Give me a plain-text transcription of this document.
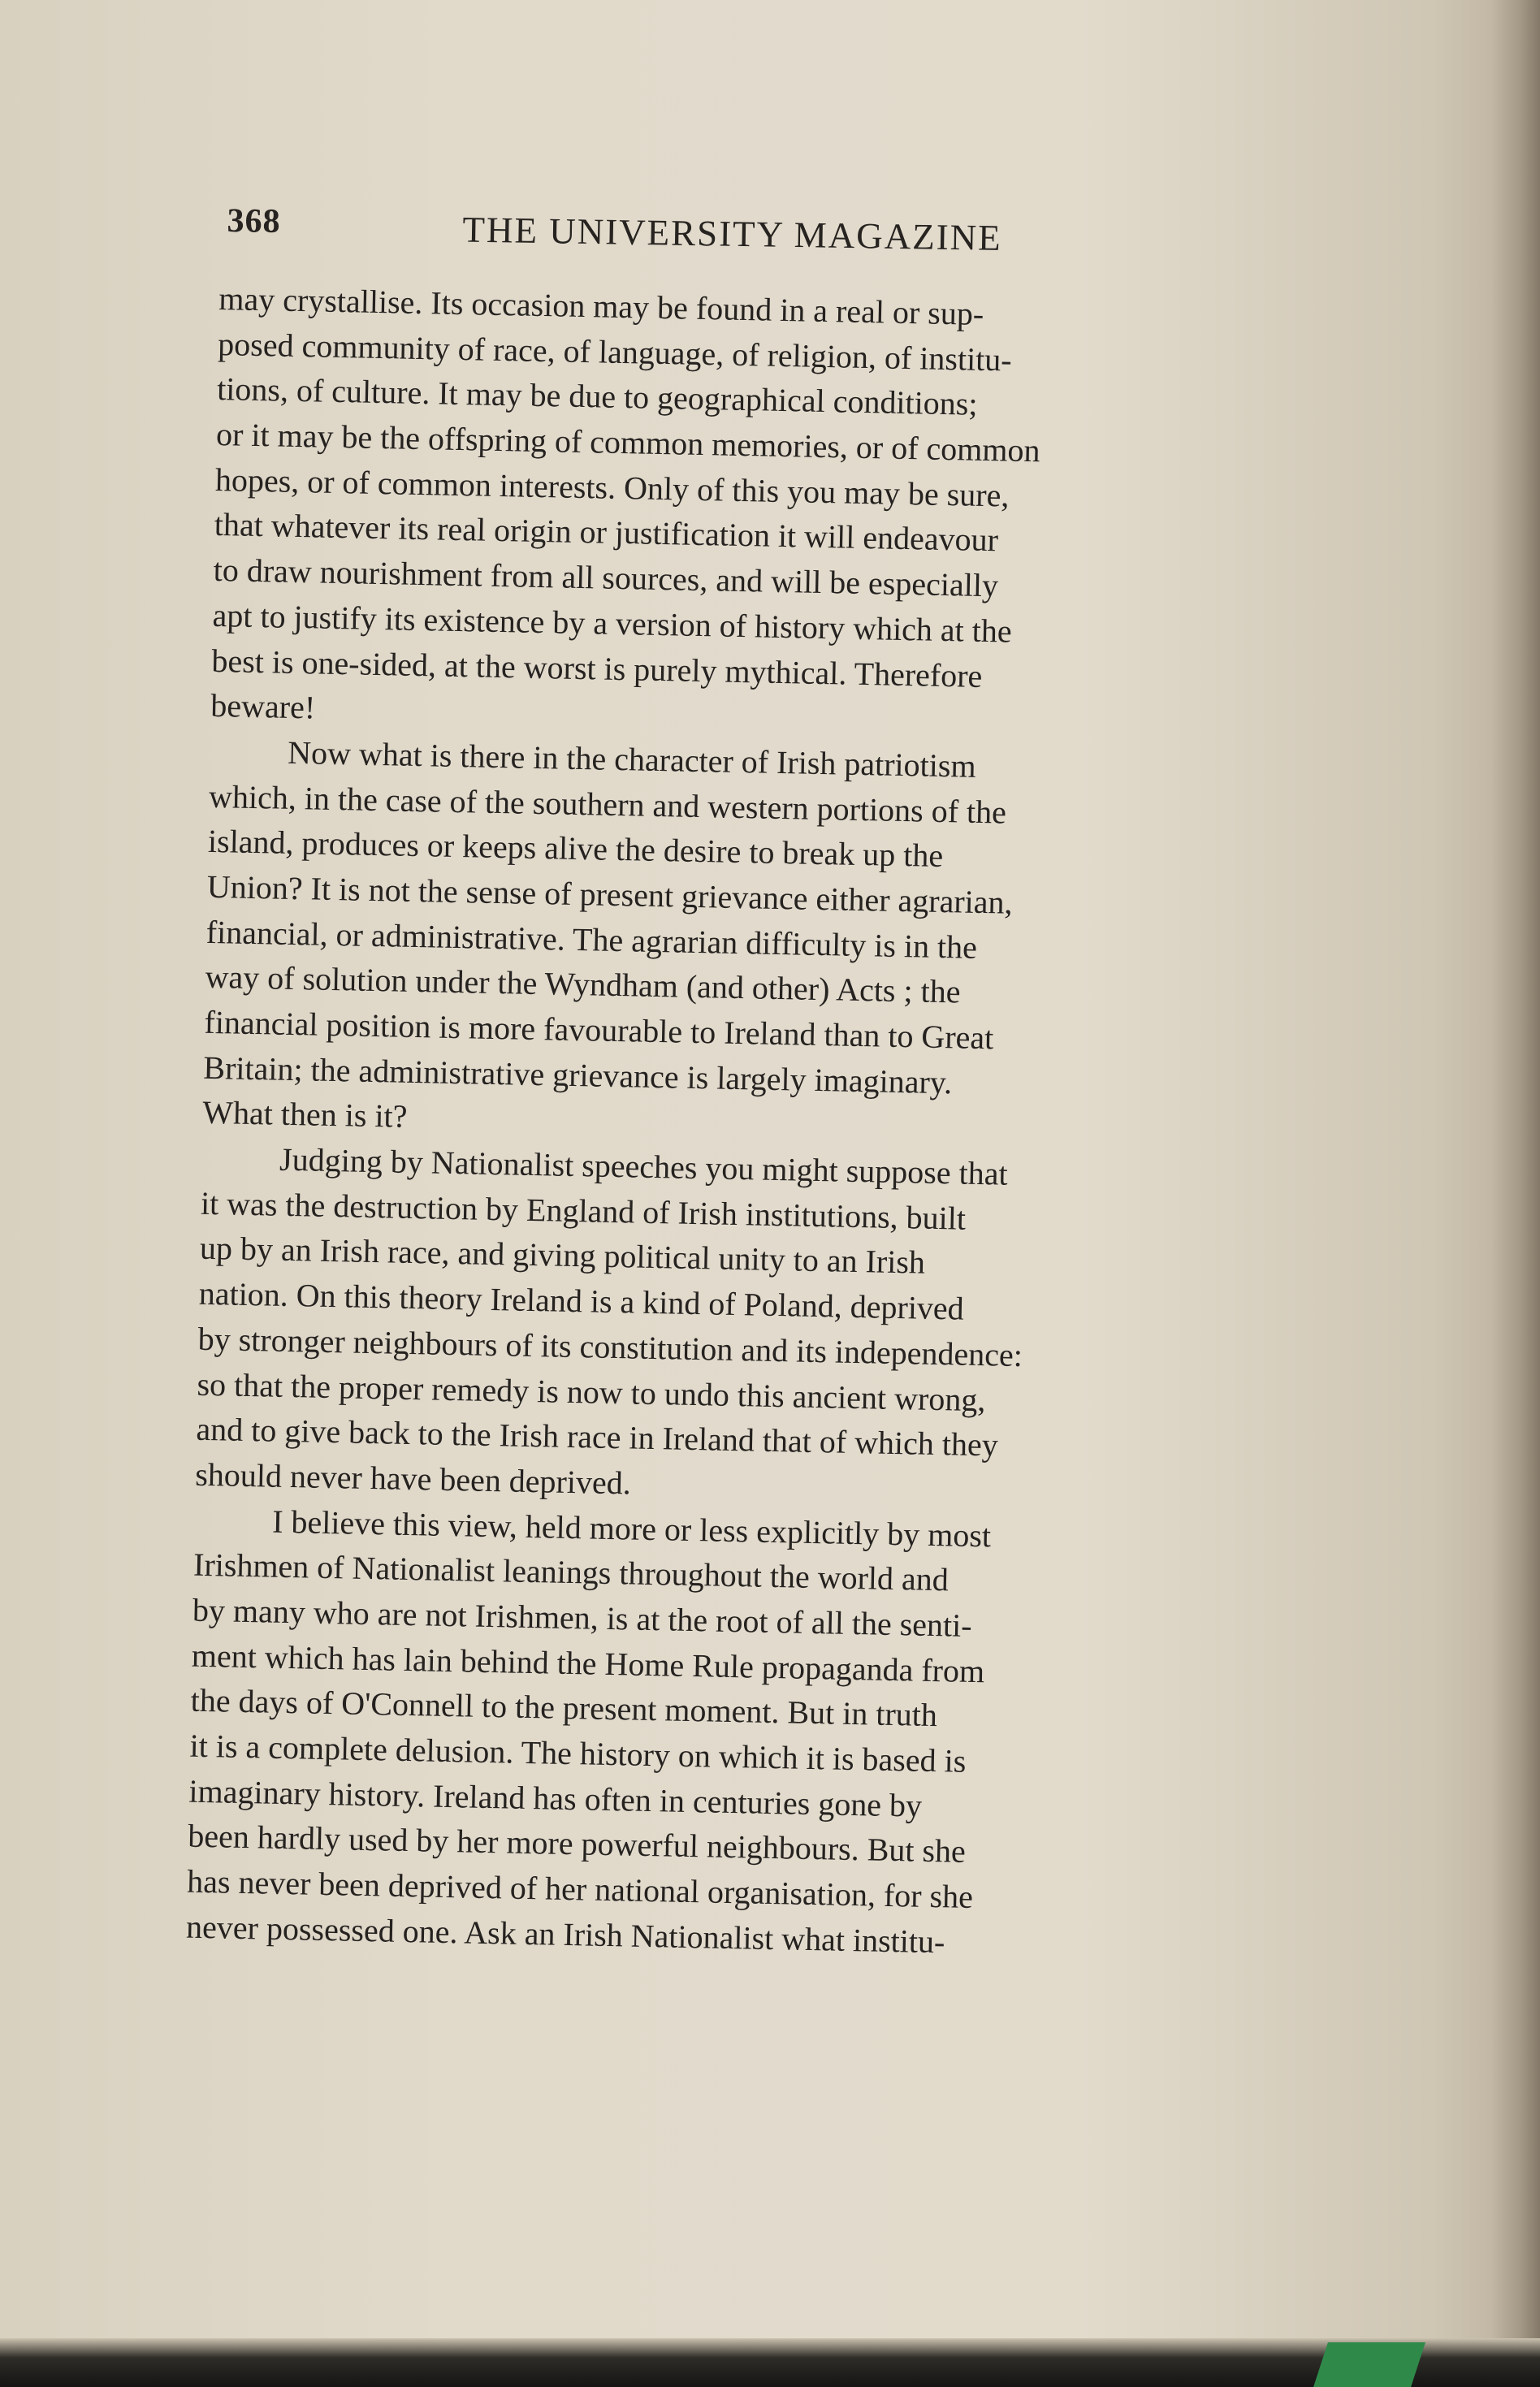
368	THE UNIVERSITY MAGAZINE
may crystallise. Its occasion may be found in a real or sup-
posed community of race, of language, of religion, of institu-
tions, of culture. It may be due to geographical conditions;
or it may be the offspring of common memories, or of common
hopes, or of common interests. Only of this you may be sure,
that whatever its real origin or justification it will endeavour
to draw nourishment from all sources, and will be especially
apt to justify its existence by a version of history which at the
best is one-sided, at the worst is purely mythical. Therefore
beware!
Now what is there in the character of Irish patriotism
which, in the case of the southern and western portions of the
island, produces or keeps alive the desire to break up the
Union? It is not the sense of present grievance either agrarian,
financial, or administrative. The agrarian difficulty is in the
way of solution under the Wyndham (and other) Acts ; the
financial position is more favourable to Ireland than to Great
Britain; the administrative grievance is largely imaginary.
What then is it?
Judging by Nationalist speeches you might suppose that
it was the destruction by England of Irish institutions, built
up by an Irish race, and giving political unity to an Irish
nation. On this theory Ireland is a kind of Poland, deprived
by stronger neighbours of its constitution and its independence:
so that the proper remedy is now to undo this ancient wrong,
and to give back to the Irish race in Ireland that of which they
should never have been deprived.
I believe this view, held more or less explicitly by most
Irishmen of Nationalist leanings throughout the world and
by many who are not Irishmen, is at the root of all the senti-
ment which has lain behind the Home Rule propaganda from
the days of O'Connell to the present moment. But in truth
it is a complete delusion. The history on which it is based is
imaginary history. Ireland has often in centuries gone by
been hardly used by her more powerful neighbours. But she
has never been deprived of her national organisation, for she
never possessed one. Ask an Irish Nationalist what institu-
